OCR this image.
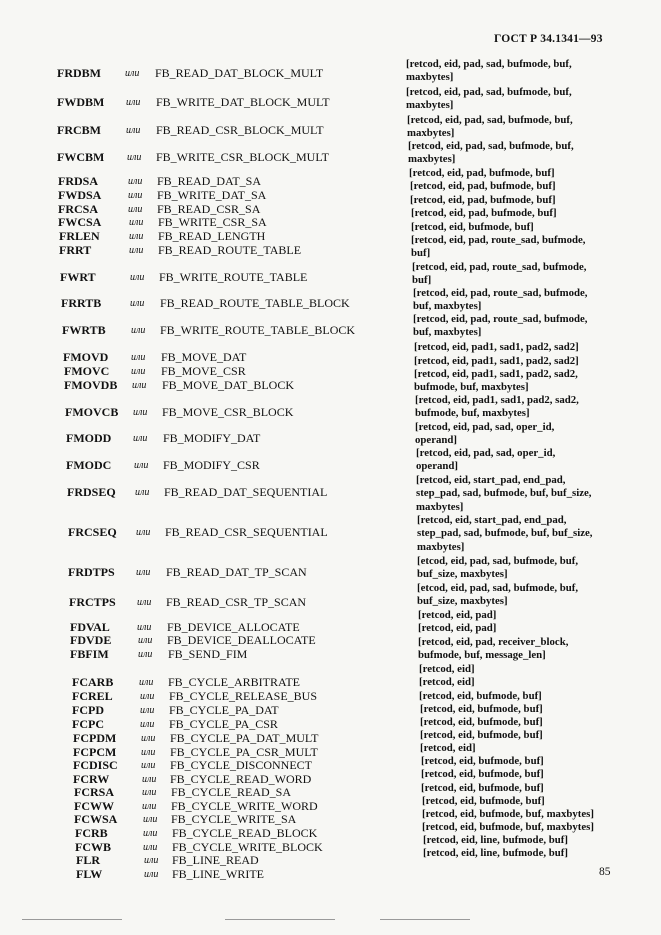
ГОСТ Р 34.1341—93
FRDBM или FB_READ_DAT_BLOCK_MULT
[retcod, eid, pad, sad, bufmode, buf,
maxbytes]
FWDBM или FB_WRITE_DAT_BLOCK_MULT
[retcod, eid, pad, sad, bufmode, buf,
maxbytes]
FRCBM	или FB_READ_CSR_BLOCK_MULT
[retcod, eid, pad, sad, bufmode, buf,
maxbytes]
FWCBM или FB_WRITE_CSR_BLOCK_MULT
[retcod, eid, pad, sad, bufmode, buf,
maxbytes]
FRDSA	или FB_READ_DAT_SA
[retcod, eid, pad, bufmode, buf]
FWDSA	или FB_WRITE_DAT_SA
[retcod, eid, pad, bufmode, buf]
FRCSA	или FB_READ_CSR_SA
[retcod, eid, pad, bufmode, buf]
FWCSA	или FB_WRITE_CSR_SA
[retcod, eid, pad, bufmode, buf]
FRLEN	или FB_READ_LENGTH
[retcod, eid, bufmode, buf]
FRRT	или FB_READ_ROUTE_TABLE
[retcod, eid, pad, route_sad, bufmode,
buf]
FWRT	или FB_WRITE_ROUTE_TABLE
[retcod, eid, pad, route_sad, bufmode,
buf]
FRRTB	или FB_READ_ROUTE_TABLE_BLOCK
[retcod, eid, pad, route_sad, bufmode,
buf, maxbytes]
FWRTB	или FB_WRITE_ROUTE_TABLE_BLOCK
[retcod, eid, pad, route_sad, bufmode,
buf, maxbytes]
FMOVD или FB_MOVE_DAT
[retcod, eid, pad1, sad1, pad2, sad2]
FMOVC или FB_MOVE_CSR
[retcod, eid, pad1, sad1, pad2, sad2]
FMOVDB или FB_MOVE_DAT_BLOCK
[retcod, eid, pad1, sad1, pad2, sad2,
bufmode, buf, maxbytes]
FMOVCB или FB_MOVE_CSR_BLOCK
[retcod, eid, pad1, sad1, pad2, sad2,
bufmode, buf, maxbytes]
FMODD или FB_MODIFY_DAT
[retcod, eid, pad, sad, oper_id,
operand]
FMODC или FB_MODIFY_CSR
[retcod, eid, pad, sad, oper_id,
operand]
FRDSEQ или FB_READ_DAT_SEQUENTIAL
[retcod, eid, start_pad, end_pad,
step_pad, sad, bufmode, buf, buf_size,
maxbytes]
FRCSEQ или FB_READ_CSR_SEQUENTIAL
[retcod, eid, start_pad, end_pad,
step_pad, sad, bufmode, buf, buf_size,
maxbytes]
FRDTPS или FB_READ_DAT_TP_SCAN
[etcod, eid, pad, sad, bufmode, buf,
buf_size, maxbytes]
FRCTPS или FB_READ_CSR_TP_SCAN
[etcod, eid, pad, sad, bufmode, buf,
buf_size, maxbytes]
FDVAL	или FB_DEVICE_ALLOCATE
[retcod, eid, pad]
FDVDE	или FB_DEVICE_DEALLOCATE
[retcod, eid, pad]
FBFIM	или FB_SEND_FIM
[retcod, eid, pad, receiver_block,
bufmode, buf, message_len]
FCARB	или FB_CYCLE_ARBITRATE
[retcod, eid]
FCREL	или FB_CYCLE_RELEASE_BUS
[retcod, eid]
FCPD	или FB_CYCLE_PA_DAT
[retcod, eid, bufmode, buf]
FCPC	или FB_CYCLE_PA_CSR
[retcod, eid, bufmode, buf]
FCPDM или FB_CYCLE_PA_DAT_MULT
[retcod, eid, bufmode, buf]
FCPCM или FB_CYCLE_PA_CSR_MULT
[retcod, eid, bufmode, buf]
FCDISC или FB_CYCLE_DISCONNECT
[retcod, eid]
FCRW	или FB_CYCLE_READ_WORD
[retcod, eid, bufmode, buf]
FCRSA	или FB_CYCLE_READ_SA
[retcod, eid, bufmode, buf]
FCWW	или FB_CYCLE_WRITE_WORD
[retcod, eid, bufmode, buf]
FCWSA	или FB_CYCLE_WRITE_SA
[retcod, eid, bufmode, buf]
FCRB	или FB_CYCLE_READ_BLOCK
[retcod, eid, bufmode, buf, maxbytes]
FCWB	или FB_CYCLE_WRITE_BLOCK
[retcod, eid, bufmode, buf, maxbytes]
FLR	или FB_LINE_READ
[retcod, eid, line, bufmode, buf]
FLW	или FB_LINE_WRITE
[retcod, eid, line, bufmode, buf]
85
